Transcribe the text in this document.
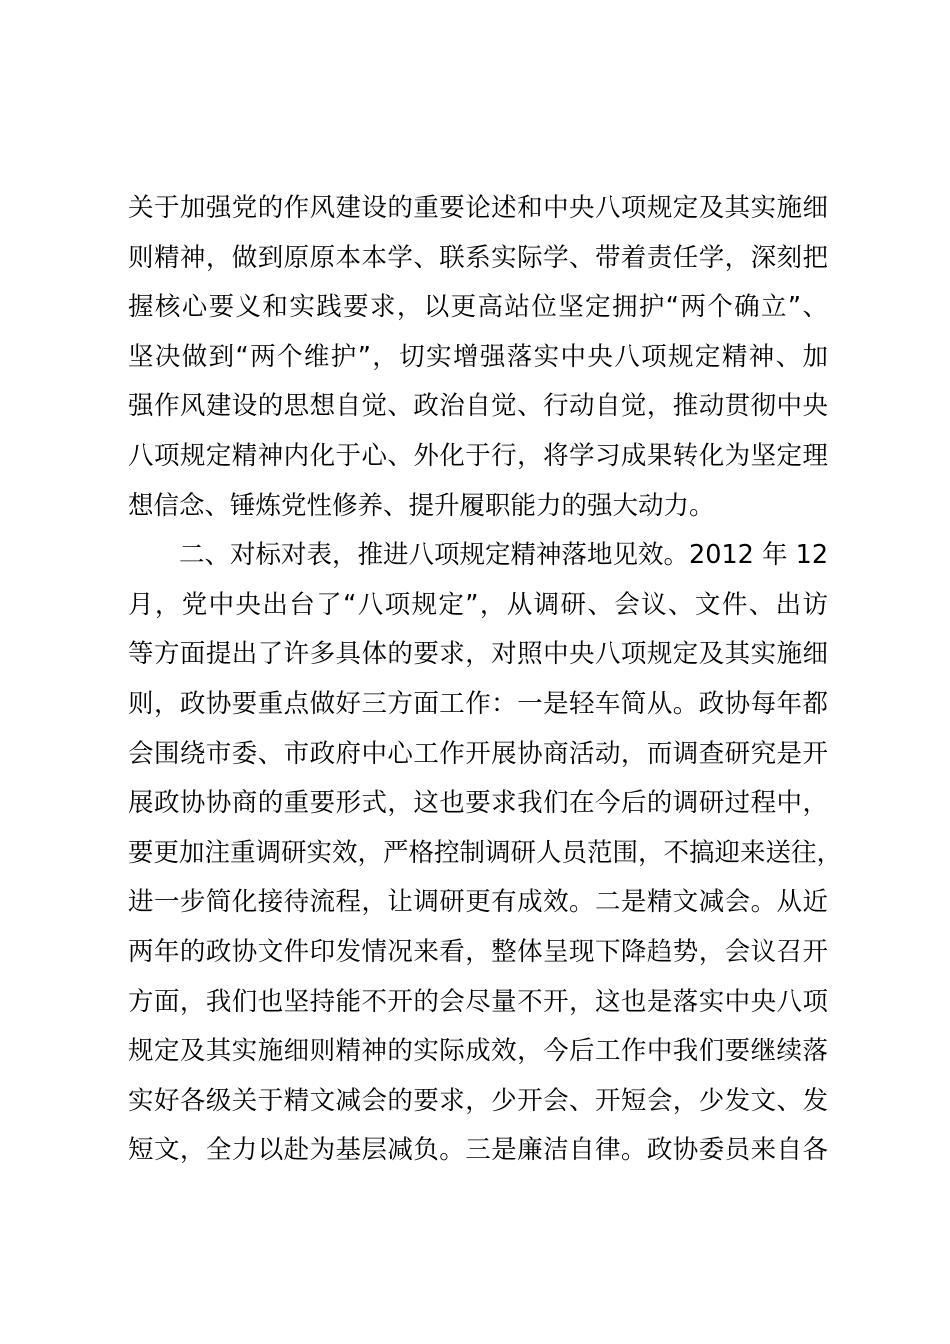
关于加强党的作风建设的重要论述和中央八项规定及其实施细
则精神，做到原原本本学、联系实际学、带着责任学，深刻把
握核心要义和实践要求，以更高站位坚定拥护“两个确立”、
坚决做到“两个维护”，切实增强落实中央八项规定精神、加
强作风建设的思想自觉、政治自觉、行动自觉，推动贯彻中央
八项规定精神内化于心、外化于行，将学习成果转化为坚定理
想信念、锤炼党性修养、提升履职能力的强大动力。
　　二、对标对表，推进八项规定精神落地见效。2012 年 12
月，党中央出台了“八项规定”，从调研、会议、文件、出访
等方面提出了许多具体的要求，对照中央八项规定及其实施细
则，政协要重点做好三方面工作：一是轻车简从。政协每年都
会围绕市委、市政府中心工作开展协商活动，而调查研究是开
展政协协商的重要形式，这也要求我们在今后的调研过程中，
要更加注重调研实效，严格控制调研人员范围，不搞迎来送往，
进一步简化接待流程，让调研更有成效。二是精文减会。从近
两年的政协文件印发情况来看，整体呈现下降趋势，会议召开
方面，我们也坚持能不开的会尽量不开，这也是落实中央八项
规定及其实施细则精神的实际成效，今后工作中我们要继续落
实好各级关于精文减会的要求，少开会、开短会，少发文、发
短文，全力以赴为基层减负。三是廉洁自律。政协委员来自各
